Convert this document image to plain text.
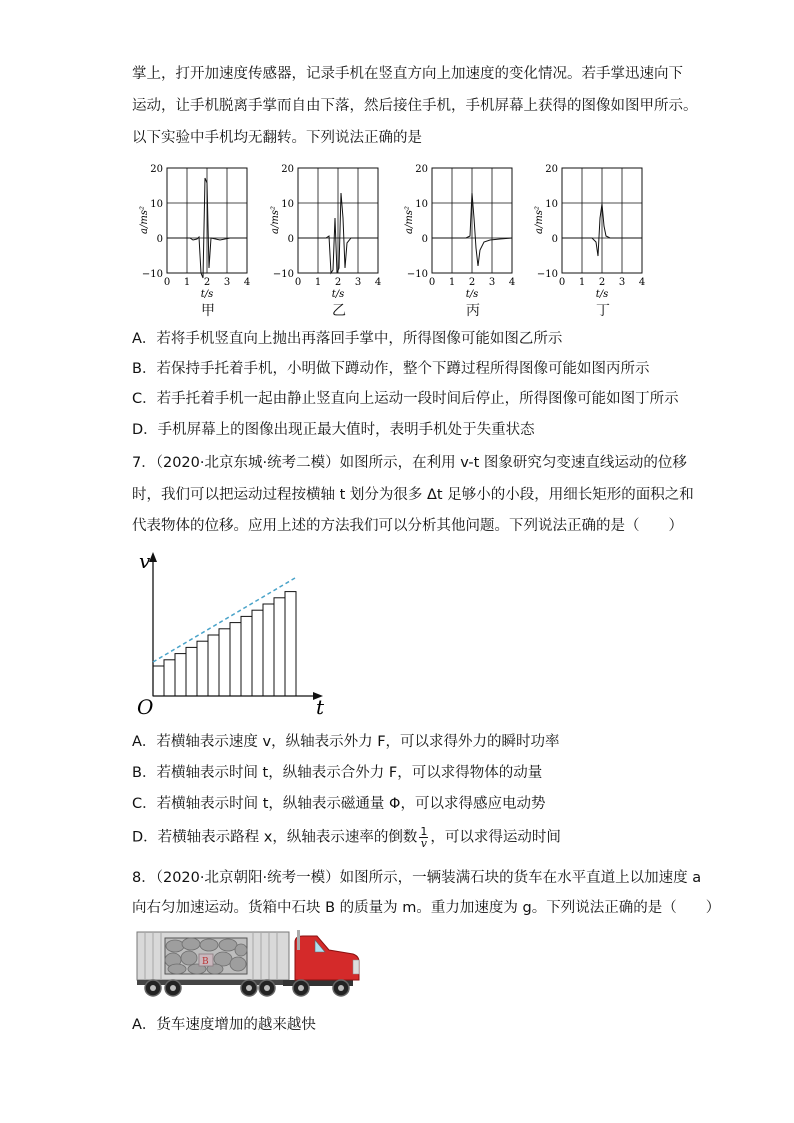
掌上，打开加速度传感器，记录手机在竖直方向上加速度的变化情况。若手掌迅速向下
运动，让手机脱离手掌而自由下落，然后接住手机，手机屏幕上获得的图像如图甲所示。
以下实验中手机均无翻转。下列说法正确的是
20
10
0
−10
0 1 2 3 4
t/s
a/ms²
20
10
0
−10
0 1 2 3 4
t/s
a/ms²
20
10
0
−10
0 1 2 3 4
t/s
a/ms²
20
10
0
−10
0 1 2 3 4
t/s
a/ms²
甲	乙	丙	丁
A．若将手机竖直向上抛出再落回手掌中，所得图像可能如图乙所示
B．若保持手托着手机，小明做下蹲动作，整个下蹲过程所得图像可能如图丙所示
C．若手托着手机一起由静止竖直向上运动一段时间后停止，所得图像可能如图丁所示
D．手机屏幕上的图像出现正最大值时，表明手机处于失重状态
7．（2020·北京东城·统考二模）如图所示，在利用 v-t 图象研究匀变速直线运动的位移
时，我们可以把运动过程按横轴 t 划分为很多 Δt 足够小的小段，用细长矩形的面积之和
代表物体的位移。应用上述的方法我们可以分析其他问题。下列说法正确的是（　　）
v
t
O
A．若横轴表示速度 v，纵轴表示外力 F，可以求得外力的瞬时功率
B．若横轴表示时间 t，纵轴表示合外力 F，可以求得物体的动量
C．若横轴表示时间 t，纵轴表示磁通量 Φ，可以求得感应电动势
D．若横轴表示路程 x，纵轴表示速率的倒数 $\frac{1}{v}$ ，可以求得运动时间
8．（2020·北京朝阳·统考一模）如图所示，一辆装满石块的货车在水平直道上以加速度 a
向右匀加速运动。货箱中石块 B 的质量为 m。重力加速度为 g。下列说法正确的是（　　）
B
A．货车速度增加的越来越快
